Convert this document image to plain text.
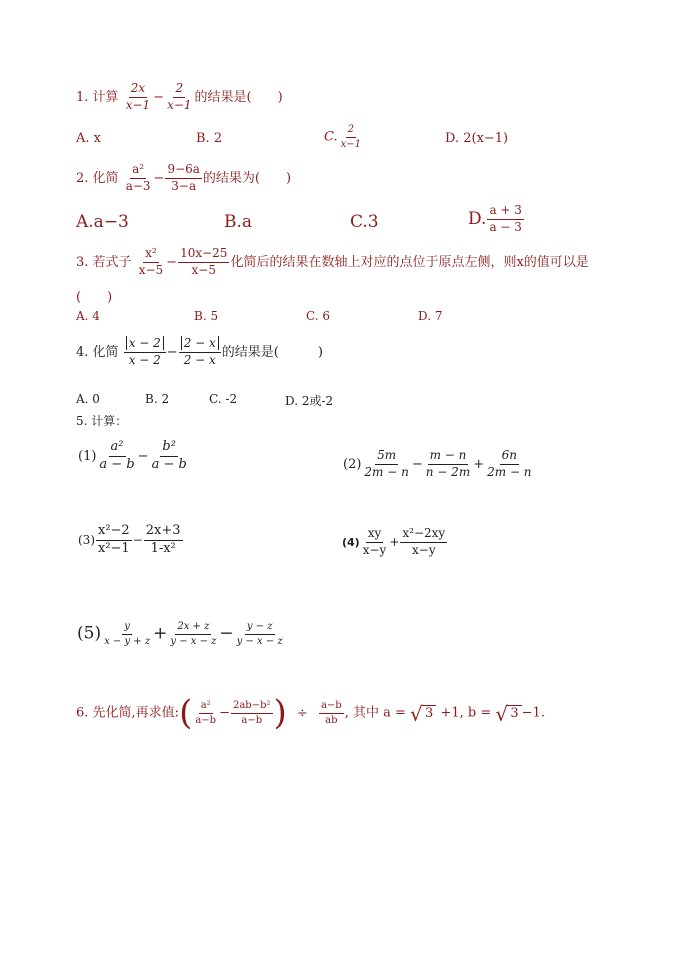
1. 计算 $\frac{2x}{x-1} - \frac{2}{x-1}$ 的结果是(　　)
A. x	B. 2	C. $\frac{2}{x-1}$	D. 2(x−1)
2. 化简 $\frac{\text{a²}}{a-3} - \frac{9-6a}{3-a}$ 的结果为(　　)
A.a−3	B.a	C.3	D. $\frac{a + 3}{a - 3}$
3. 若式子 $\frac{\text{x²}}{x-5} - \frac{10x-25}{x-5}$ 化简后的结果在数轴上对应的点位于原点左侧，则x的值可以是
(　　)
A. 4	B. 5	C. 6	D. 7
4. 化简 $\frac{x - 2}{x - 2} - \frac{2 - x}{2 - x}$ 的结果是(　　　)
A. 0	B. 2	C. -2	D. 2或-2
5. 计算：
$(1) \frac{\text{a²}}{a - b} - \frac{\text{b²}}{a - b}$	$(2) \frac{5m}{2m - n} - \frac{m - n}{n - 2m} + \frac{6n}{2m - n}$
$(3) \frac{\text{x²−2}}{\text{x²−1}} - \frac{2x+3}{\text{1-x²}}$	$(4) \frac{xy}{x-y} + \frac{\text{x²−2xy}}{x-y}$
$(5) \frac{y}{x - y + z} + \frac{2x + z}{y - x - z} - \frac{y - z}{y - x - z}$
6. 先化简,再求值:( $\frac{\text{a²}}{a-b} - \frac{\text{2ab−b²}}{a-b}$ ) ÷ $\frac{a-b}{ab}$ , 其中 a = √ 3 +1, b = √ 3 −1.
